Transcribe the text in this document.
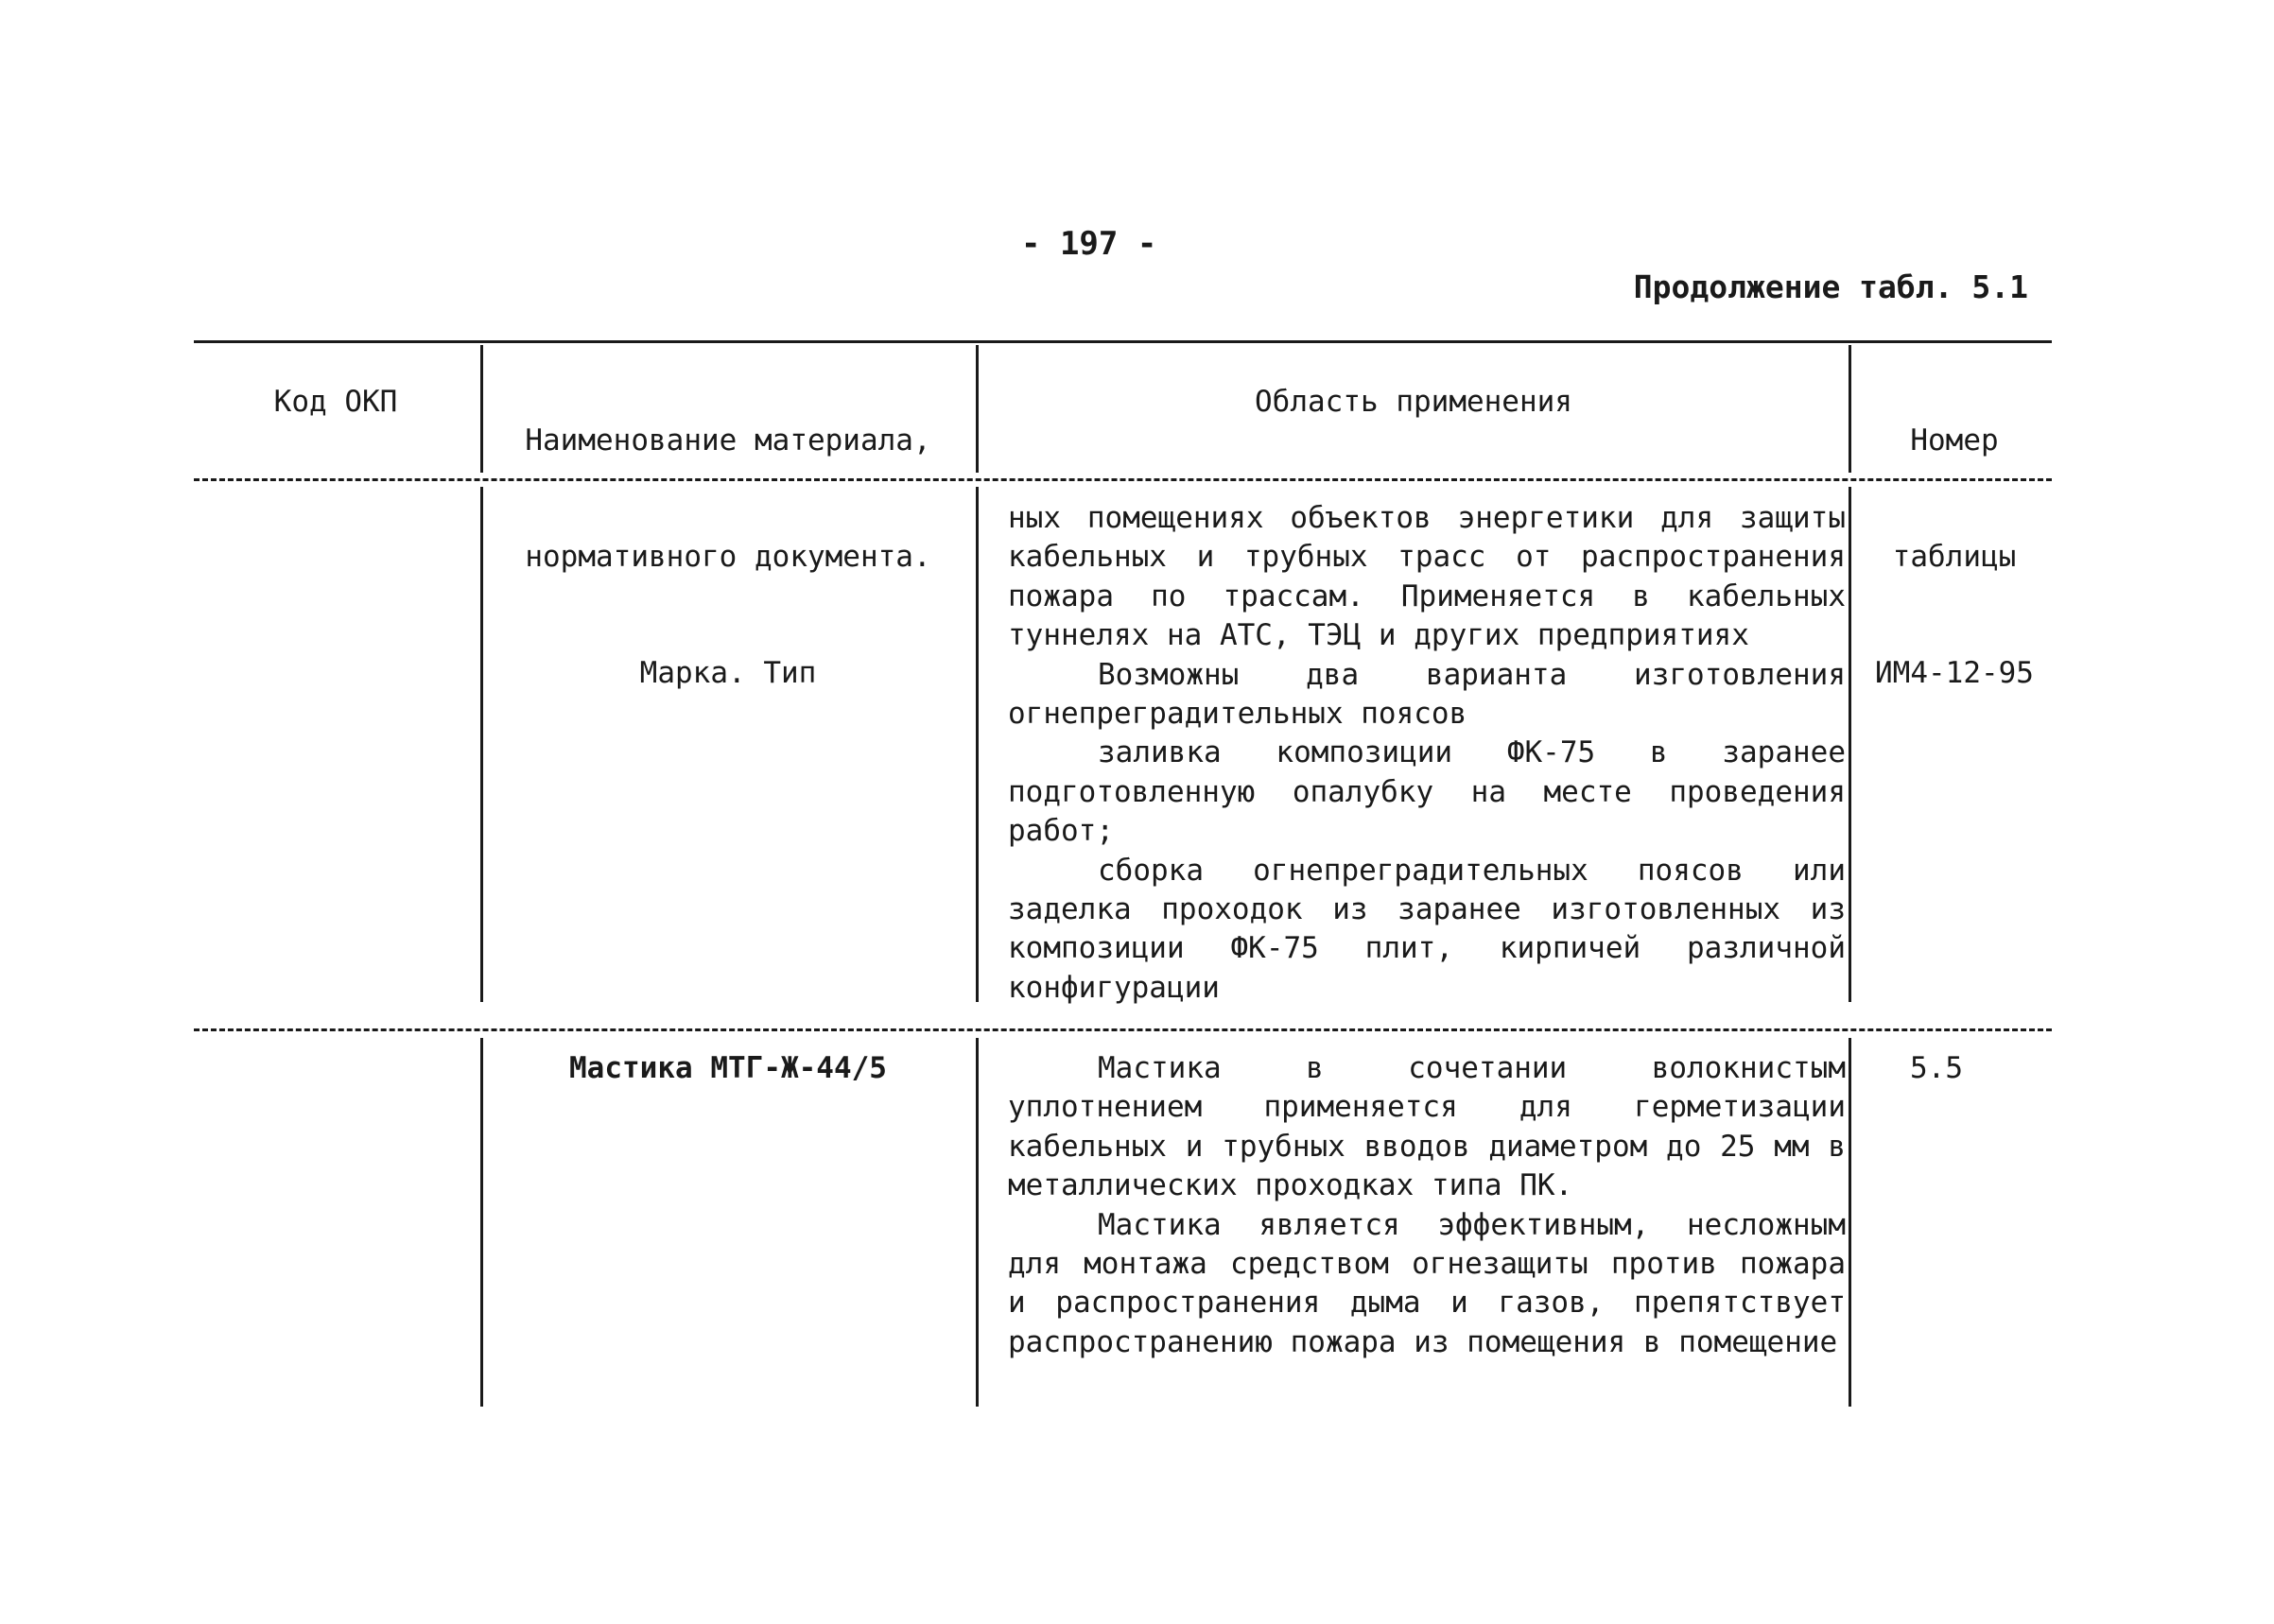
- 197 -
Продолжение табл. 5.1
Код ОКП

Наименование материала,

нормативного документа.

Марка. Тип

Область применения

Номер

таблицы

ИМ4-12-95

ных помещениях объектов энергетики для защиты кабельных и трубных трасс от распространения пожара по трассам. Применяется в кабельных туннелях на АТС, ТЭЦ и других предприятиях

Возможны два варианта изготовления огнепреградительных поясов

заливка композиции ФК-75 в заранее подготовленную опалубку на месте проведения работ;

сборка огнепреградительных поясов или заделка проходок из заранее изготовленных из композиции ФК-75 плит, кирпичей различной конфигурации

Мастика МТГ-Ж-44/5	5.5

Мастика в сочетании волокнистым уплотнением применяется для герметизации кабельных и трубных вводов диаметром до 25 мм в металлических проходках типа ПК.

Мастика является эффективным, несложным для монтажа средством огнезащиты против пожара и распространения дыма и газов, препятствует распространению пожара из помещения в помещение
